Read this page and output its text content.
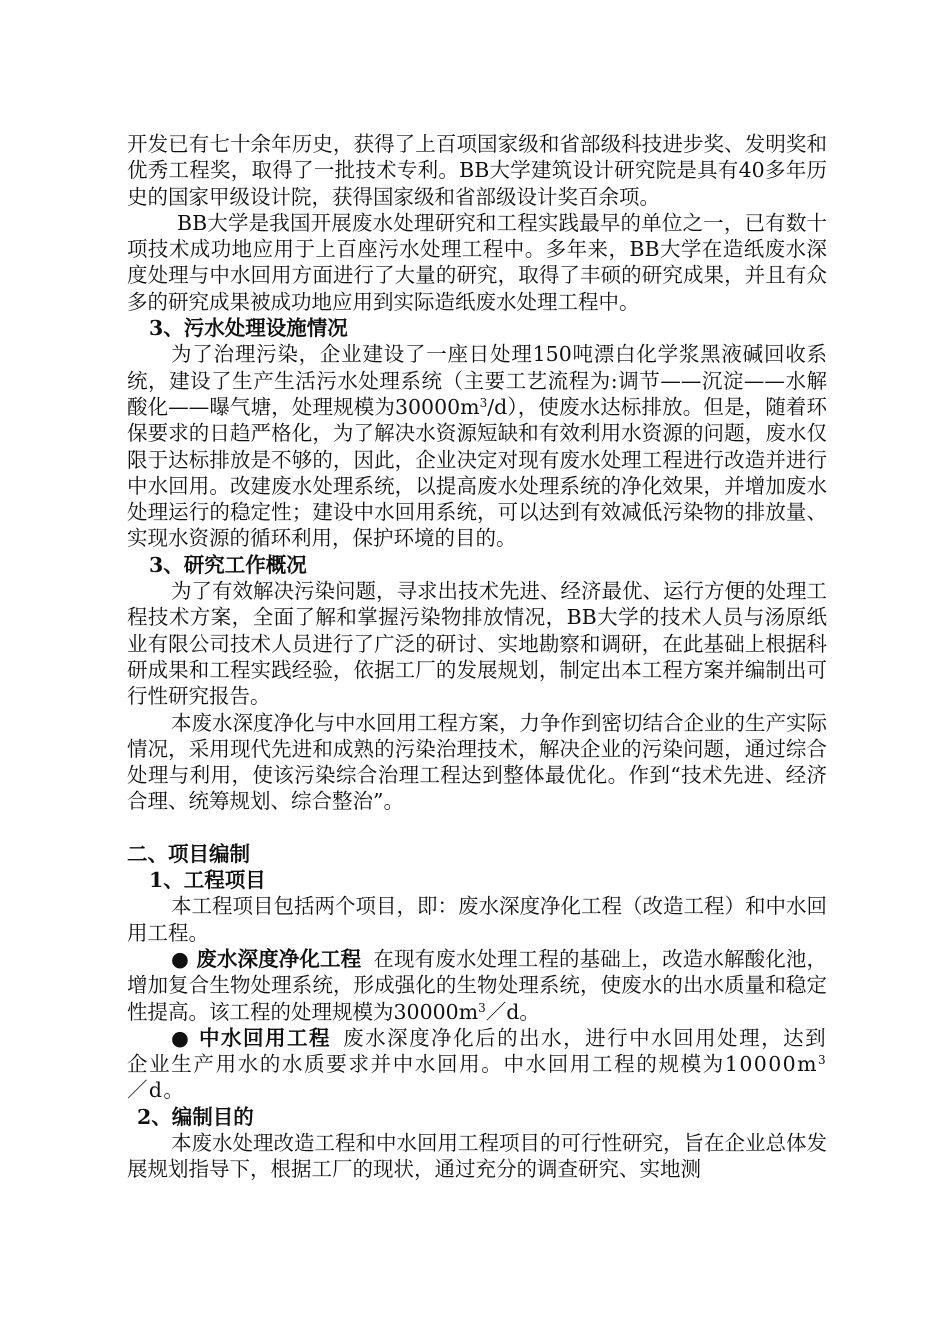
开发已有七十余年历史，获得了上百项国家级和省部级科技进步奖、发明奖和优秀工程奖，取得了一批技术专利。BB大学建筑设计研究院是具有40多年历史的国家甲级设计院，获得国家级和省部级设计奖百余项。

BB大学是我国开展废水处理研究和工程实践最早的单位之一，已有数十项技术成功地应用于上百座污水处理工程中。多年来，BB大学在造纸废水深度处理与中水回用方面进行了大量的研究，取得了丰硕的研究成果，并且有众多的研究成果被成功地应用到实际造纸废水处理工程中。

3、污水处理设施情况

为了治理污染，企业建设了一座日处理150吨漂白化学浆黑液碱回收系统，建设了生产生活污水处理系统（主要工艺流程为:调节——沉淀——水解酸化——曝气塘，处理规模为$30000m^3/d$），使废水达标排放。但是，随着环保要求的日趋严格化，为了解决水资源短缺和有效利用水资源的问题，废水仅限于达标排放是不够的，因此，企业决定对现有废水处理工程进行改造并进行中水回用。改建废水处理系统，以提高废水处理系统的净化效果，并增加废水处理运行的稳定性；建设中水回用系统，可以达到有效减低污染物的排放量、实现水资源的循环利用，保护环境的目的。

3、研究工作概况

为了有效解决污染问题，寻求出技术先进、经济最优、运行方便的处理工程技术方案，全面了解和掌握污染物排放情况，BB大学的技术人员与汤原纸业有限公司技术人员进行了广泛的研讨、实地勘察和调研，在此基础上根据科研成果和工程实践经验，依据工厂的发展规划，制定出本工程方案并编制出可行性研究报告。

本废水深度净化与中水回用工程方案，力争作到密切结合企业的生产实际情况，采用现代先进和成熟的污染治理技术，解决企业的污染问题，通过综合处理与利用，使该污染综合治理工程达到整体最优化。作到“技术先进、经济合理、统筹规划、综合整治”。

二、项目编制

1、工程项目

本工程项目包括两个项目，即：废水深度净化工程（改造工程）和中水回用工程。

● 废水深度净化工程 在现有废水处理工程的基础上，改造水解酸化池，增加复合生物处理系统，形成强化的生物处理系统，使废水的出水质量和稳定性提高。该工程的处理规模为$30000m^3/d$。

● 中水回用工程 废水深度净化后的出水，进行中水回用处理，达到企业生产用水的水质要求并中水回用。中水回用工程的规模为$10000m^3/d$。

2、编制目的

本废水处理改造工程和中水回用工程项目的可行性研究，旨在企业总体发展规划指导下，根据工厂的现状，通过充分的调查研究、实地测
